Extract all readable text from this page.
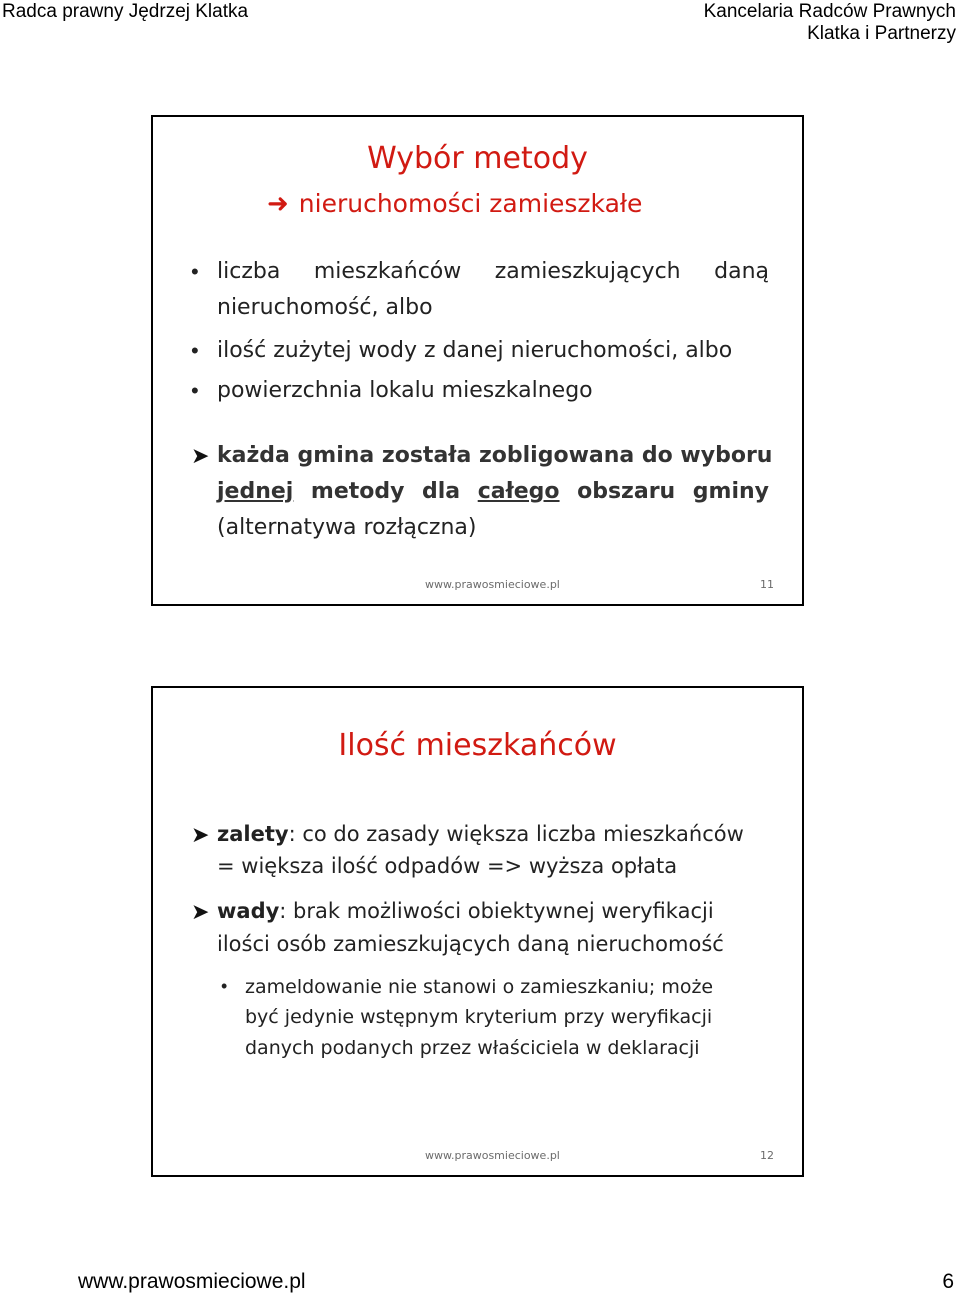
Radca prawny Jędrzej Klatka	Kancelaria Radców Prawnych
Klatka i Partnerzy
Wybór metody
➜ nieruchomości zamieszkałe
• liczba mieszkańców zamieszkujących daną
nieruchomość, albo
• ilość zużytej wody z danej nieruchomości, albo
• powierzchnia lokalu mieszkalnego
➤ każda gmina została zobligowana do wyboru
jednej metody dla całego obszaru gminy
(alternatywa rozłączna)
www.prawosmieciowe.pl	11
Ilość mieszkańców
➤ zalety: co do zasady większa liczba mieszkańców
= większa ilość odpadów => wyższa opłata
➤ wady: brak możliwości obiektywnej weryfikacji
ilości osób zamieszkujących daną nieruchomość
• zameldowanie nie stanowi o zamieszkaniu; może
być jedynie wstępnym kryterium przy weryfikacji
danych podanych przez właściciela w deklaracji
www.prawosmieciowe.pl	12
www.prawosmieciowe.pl	6
